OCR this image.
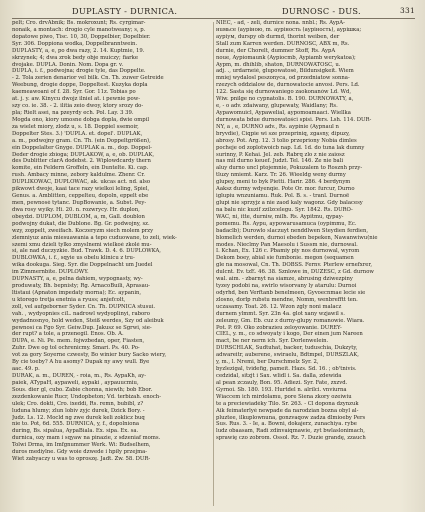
DUPLASTY - DURNICA.	DURNOSC - DUS.	331

pelt; Cro. drvAbnik; Bs. mokroxunt; Rs. cyrgimar-

nonaik, a montach: drogio cyle manotweany; s, p.

dopatowe piwo, Tisc. 10, 30, Doppelbier, Dopelbier.

Syr. 306. Doppiona wodka, Doppelbranntwein.

DUPLASTY, a, e, po dwa razy, 2. 14. Kuptmie, 19.

skrzynek; 4; dwa zrok bedy obje muiczy; fiarke

dvojake. DUPLA. Donin. Nom. Dopa gr. v.

DUPLA, i. f., podwojna; drogie tyle, das Doppelte.

- 2. Tola zerien denarior vel bilk. Cn. Th. zuwer Getreide

Weebung, drogie doppe, Doppeltest. Kuzyka dopla

kaemeawoani of f. 28. Syr. Gor. 11z. Tobias po

at. j. y. aw. Kinycu dwojz ilniel at. i pewnie pow-

szy co. ie. 38. - 2. ilitia zeio dwoy, ktory srozy do-

pla; Rielt asei, na pzeyrdy ech. Pol. Lay. 3 39.

Mogda ono, kiory umosne dobga dopla, dwie ompil

za wielet miory, zlodz u, s. 18. Doppiel ssemoir,

Doppelter Stes. 3.) 'DUPLA. et. dopel'. DUPLAK,

a. m., podwojny gram. Cn. Th. (ein Doppeltgrößen),

ein Doppelalter Gnyge. DUPLAK a. m., dop. Doppel-

Deder drogie zbioga; DUPLAKOW, a, e, ob. DUPLAK,

des Dublitter clarA dodebst. 2. Wiplowdcardy thern

komite, ein Feldern Groffeln, ein Duntelte. Ki. cap.

rush. Ambacy minne, zebory kaldulme. Zhenr. Cr.

DUPLIKOWAC, DUPLOWAC, ak. ukcas act. nd. also

pikwowt dwoje, kaai tace razy wielkoi leling, Spiel,

Genus. a. Amblitten, ceppelteu, dopoln, eppelt ebe

men, pewnosé tytanc. DupBowanie, a. Subst. Pey-

dwa rosy wyiky. Hi. 20. n. rozwrycy. Hr. duplon,

obeydzi. DUPLOM, DUBLOM, a, m, Gall. doublon

podwojny dukat, die Dublone. Bg. Gr. podwojny, sz.

wzy, zoppelt, zweifach. Koczeryzm siech molem przy

zlemniyuz ania miesuawania a tepo cuduowane, to zeli, wiek-

szemi xmu dzieli tylko zmyslnemi wielkoé zkolé mu-

si, ale nad duczyzkie. Bud. Trawk. D. 4. 6. DUPLOWKA,

DUBLOWKA, i. f., sqyie us obelu klinicu z tru-

wika dookuga. Sieg. Syr. die Doppelnacht um Juedel

im Zimmernbite. DUPLOWY.

DUPNASTY, a, e, pelna dahiem, wypognasty, wy-

produwaty, Bh. bepnisty; Rg. ArnacoBuili, Aprasau-

ltistaui (Apnaton impedaty morna); Ec. aypanin,

u ktorego tretja enetnia a ryuss; anjefcolt,

zoll, vel aufgeborner Syder. Cn. Th. DUPNICA stusui.

vah. , wydyopnies ciL. nadrowl wydyoplinyi, raboro

wydadnosnyo, hold weden, Steiß werdes, Szy od aleibuk

pewnosi ca Fgo Syr. Geiw.Dup. Jakusz se Sgrwi, sie-

der rupt? a tole, a przenegil. Enos. Ob. A.

DUPA, e. Ni. Pe. mem. fojwzbedan, oper, Fiasten,

Zuhr. Dwe og tol ochrenicmy. Smari. Ps. 40. Po-

vot za gory Soyerne czwesty, Bo winier bury Sacko wiery,

By cie toeby? A hu asomy? Dupak ny awy wull. Bye

aac. 49. p.

DURAK, a. m., DUREN, - roia, m., Rs. AypaKh, ay-

paiek, ATypaH, aypaweli, aypaki , aypauucmiu,

Sous. dier gl, cubo. Zabie chonna, niewih; bob Ebor.

zezdenkowanie Rucr, Undopbeton; Vd. terbizah. enoch-

ulek; Cro. dokti, Cro. ixeddi, Rs. remn, bubibl, z?

luduna hlumy; zlun lobiv zyjc durek, Dzick Bory. -

Judz. Ls. 12. Mocld ng zwe durek keli zoklicz buq

nie to. Pot, 6d. 555. DURNICA, y, f., dopolniona

during, Bs. sipalua, AypaBiala. Ex. sipa. Ex. sa.

durnica, ozy mam i sqyaw na pinazie, z sdzeniaf moms.

Tolwi Drma, im Imfgnummer Werk. Wi: Budselhem,

duros mediylne. Gdy woie dzwede i hpiły przejma-

Wiet zabyaczy u was to oproszę. Jadt. Zw. 58. DUR-

NIEC, - ad, - zeli, durnice nona. nnbl.; Rs. AypA-

нuмьсе (aypiною, m. aypiность (aypiность), aypiшка;

aypiум, durspy ob durmd, thorint weiben, der

Stall zum Karren werden. DURNOSC, ABX m, Rs.

durnie, der Chorelt, dummer Stoff, Rs. AypA

noue, Aypiomaunk (Aypiocmb, Aypiamb werykatoa);

Aypm, m. dhihlib, shaton, DURNOWATOSC, u.

adj. ., urdarneié, glupowatosé, Bildunsigkeit. Wiem

mniej wydalosl peszonyca, od przedniatow sonna-

rzezych oddzialow de, durnowatocie anvosi. Pers. Ld.

122. Sasta się durnowaniego zaokonanów Ld. Wd,

Wiw. pnilge no cypnatolis. B. 190. DURNOWATY, a,

e, - o adv. zdaiwany, glupewaty, Waidlany; Rs.

Aypawomuicl, Aypawelial, aypomoamaaci. Wiellka

durnowata bdue durnowatości spisi. Pers. Lsh. 114. DUR-

NY, a , e, DURNO adv., Rs. aypinie (Aypnaul n

bryvdie), Ciqpie wi sze przepriniq, zgasny, dipuzy,

abrosy. Pot. Arg. 12. 3 tolio przepriony Nobia dimles

pocheje od zoplotwoicb nap. Ld. 1d. do tuna lak dumny

surinny, P. Kehai. Jel. zeb. Rabrq zlo z nie zaiosz

nas mil durno keuef. Judzt. Tel. 146. Ze nie bali

aluy durno uncl ptojemnie, Pokuzalem to Rosznh przy-

tluzy nmiemt. Karz. Tr. 26. Wieeldg weny durmy

glupey, meni to byk Pietti. Harir. 286. 4 berdynym

Aaksz durmy wdyenqie. Pote Or. mor. furcur, Durno

iglupiu wnzuniamu. Ruk. Pol. B. s. - tranl. Durnoë

glupi nie sprzyjz a nie zaod kaly wagonz. Gdy balacesy

na balu nic kuzif zzilzcelegu. Syr. 1842. Rs. DURO-

WAC, ni, itte, durniw, milh. Rs. Aypitmu, qypay-

pomemu. Rs. Aypu, aypowarusamuca (oypimmu, Ec.

badaclb); Durowlo slaczuyt nenddlwen Steydien ferdien,

blomelich werden, durnoi ebeden bepeken, Nawanwiwu(nie

modes. Nieclmy Pan Maesolu i Sussm nie, durnowal.

I. Kchan, Ex. 126 c. Pbamiy piy nos durnowal, wyrom

Dekom boey, abial sie fumbonie. megon (sequamen

gle na mosowal, Cn. Th. DOBSS. Fernv. Pterlew ernefxrer,

dulcnt. Ev. tzE. 46. 38. Sznlowe in, DUZESC, z Gd. durnow

wal. aim. - zbarnyt na siamze, abrusing dziwezpiny

tyzey podobi na, swirlo wisorvany ly atarulu: Durnoi

odyrhd, ben Verftanb benelmeen, Gyvoecnmae lecie sie

zlosno, dorlp rubstu mendne, Nomm, wenbrefftt ten.

uczasamy. Toat. 26. 12. Wzon zgly noni malacz

durnem ylmmt. Syr. 23n 4a. glot xany wzjawil s.

zeleumy, Gm. Eb. cuz z durny-glupy romanowie. Wiara.

Pot. P. 69. Oko zobrazieu zeloyowanie. DUREY-

CIEL, y. m., co sdwoyaty i kogo, Der einen jum Nareen

mact, be ner nerm ich. Syr. Dorlenwelein.

DURSCHLAK, Sudtuhat, backer, tuduschia, Dukzyty,

adwareitr, auberene, swiraelu, Bdtmpel, DURSZLAK,

y, m., l. Nremi, ber Durschmelz Syr. 2,

byzlezigal, tvidefig, pameit. Hazs. Sd. 16. ; ob'tnivis.

cedzidal, sitzjt i Sax. wlidl i. Sa. dalla, zdewida

al pean zczauly, Bon. 95. Adiezi. Syr. Fate, zxzvd.

Gyrnoi. Sb. 180. 193. Hurtdel n. alrilci. vnviurna

Wiaccem ich mirdolamu, pore Siena zkory ozeiwiu

te a preciewiadéky Tilo. Sr. 263. - Cl dopona dzynzuk

Aik feimaterlyé newpade da narodzian bozna obyl al-

pluztee, ilkuplownuna, gonzvaqow zadza dlmioeby Pers

Sus. Rus. 3. - Ie, a. Bowni, dokajerz, zunachiya. rybe

ludz obaasam, Radi zdinvaiqmawie, zyt bwlaslonimach,

sprawię czo zobrom. Ossol. Rz. 7. Duzie grandę, zzauch
